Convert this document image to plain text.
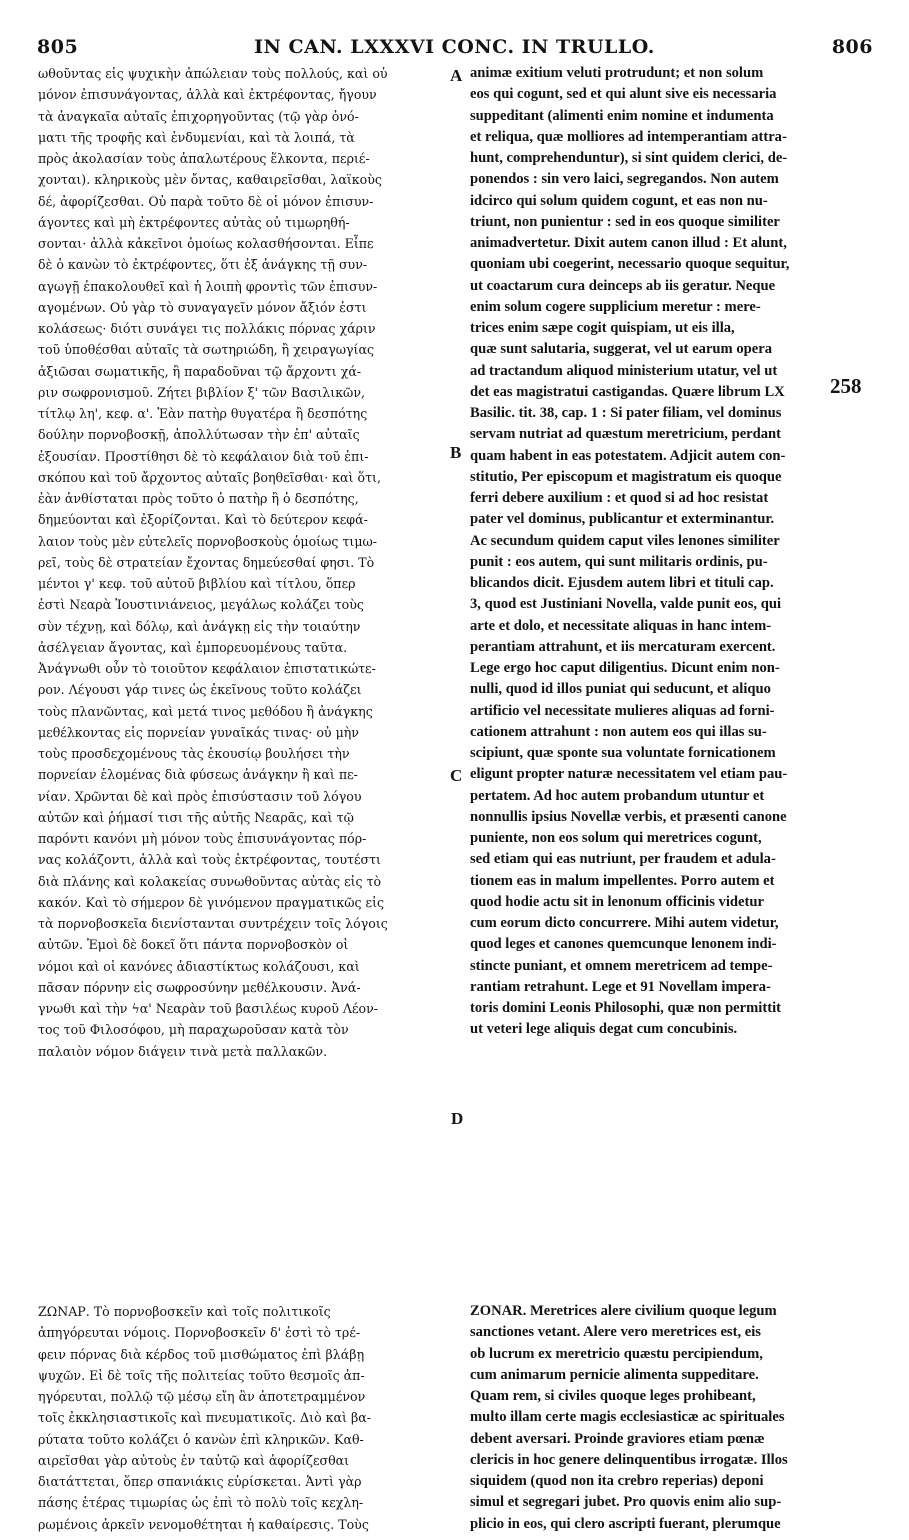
805	IN CAN. LXXXVI CONC. IN TRULLO.	806
ωθοῦντας εἰς ψυχικὴν ἀπώλειαν τοὺς πολλούς, καὶ οὐ
μόνον ἐπισυνάγοντας, ἀλλὰ καὶ ἐκτρέφοντας, ἤγουν
τὰ ἀναγκαῖα αὐταῖς ἐπιχορηγοῦντας (τῷ γὰρ ὀνό-
ματι τῆς τροφῆς καὶ ἐνδυμενίαι, καὶ τὰ λοιπά, τὰ
πρὸς ἀκολασίαν τοὺς ἁπαλωτέρους ἕλκοντα, περιέ-
χονται). κληρικοὺς μὲν ὄντας, καθαιρεῖσθαι, λαϊκοὺς
δέ, ἀφορίζεσθαι. Οὐ παρὰ τοῦτο δὲ οἱ μόνον ἐπισυν-
άγοντες καὶ μὴ ἐκτρέφοντες αὐτὰς οὐ τιμωρηθή-
σονται· ἀλλὰ κἀκεῖνοι ὁμοίως κολασθήσονται. Εἶπε
δὲ ὁ κανὼν τὸ ἐκτρέφοντες, ὅτι ἐξ ἀνάγκης τῇ συν-
αγωγῇ ἐπακολουθεῖ καὶ ἡ λοιπὴ φροντὶς τῶν ἐπισυν-
αγομένων. Οὐ γὰρ τὸ συναγαγεῖν μόνον ἄξιόν ἐστι
κολάσεως· διότι συνάγει τις πολλάκις πόρνας χάριν
τοῦ ὑποθέσθαι αὐταῖς τὰ σωτηριώδη, ἢ χειραγωγίας
ἀξιῶσαι σωματικῆς, ἢ παραδοῦναι τῷ ἄρχοντι χά-
ριν σωφρονισμοῦ. Ζήτει βιβλίον ξ' τῶν Βασιλικῶν,
τίτλῳ λη', κεφ. α'. Ἐὰν πατὴρ θυγατέρα ἢ δεσπότης
δούλην πορνοβοσκῇ, ἀπολλύτωσαν τὴν ἐπ' αὐταῖς
ἐξουσίαν. Προστίθησι δὲ τὸ κεφάλαιον διὰ τοῦ ἐπι-
σκόπου καὶ τοῦ ἄρχοντος αὐταῖς βοηθεῖσθαι· καὶ ὅτι,
ἐὰν ἀνθίσταται πρὸς τοῦτο ὁ πατὴρ ἢ ὁ δεσπότης,
δημεύονται καὶ ἐξορίζονται. Καὶ τὸ δεύτερον κεφά-
λαιον τοὺς μὲν εὐτελεῖς πορνοβοσκοὺς ὁμοίως τιμω-
ρεῖ, τοὺς δὲ στρατείαν ἔχοντας δημεύεσθαί φησι. Τὸ
μέντοι γ' κεφ. τοῦ αὐτοῦ βιβλίου καὶ τίτλου, ὅπερ
ἐστὶ Νεαρὰ Ἰουστινιάνειος, μεγάλως κολάζει τοὺς
σὺν τέχνῃ, καὶ δόλῳ, καὶ ἀνάγκῃ εἰς τὴν τοιαύτην
ἀσέλγειαν ἄγοντας, καὶ ἐμπορευομένους ταῦτα.
Ἀνάγνωθι οὖν τὸ τοιοῦτον κεφάλαιον ἐπιστατικώτε-
ρον. Λέγουσι γάρ τινες ὡς ἐκεῖνους τοῦτο κολάζει
τοὺς πλανῶντας, καὶ μετά τινος μεθόδου ἢ ἀνάγκης
μεθέλκοντας εἰς πορνείαν γυναῖκάς τινας· οὐ μὴν
τοὺς προσδεχομένους τὰς ἑκουσίῳ βουλήσει τὴν
πορνείαν ἑλομένας διὰ φύσεως ἀνάγκην ἢ καὶ πε-
νίαν. Χρῶνται δὲ καὶ πρὸς ἐπισύστασιν τοῦ λόγου
αὐτῶν καὶ ῥήμασί τισι τῆς αὐτῆς Νεαρᾶς, καὶ τῷ
παρόντι κανόνι μὴ μόνον τοὺς ἐπισυνάγοντας πόρ-
νας κολάζοντι, ἀλλὰ καὶ τοὺς ἐκτρέφοντας, τουτέστι
διὰ πλάνης καὶ κολακείας συνωθοῦντας αὐτὰς εἰς τὸ
κακόν. Καὶ τὸ σήμερον δὲ γινόμενον πραγματικῶς εἰς
τὰ πορνοβοσκεῖα διενίστανται συντρέχειν τοῖς λόγοις
αὐτῶν. Ἐμοὶ δὲ δοκεῖ ὅτι πάντα πορνοβοσκὸν οἱ
νόμοι καὶ οἱ κανόνες ἀδιαστίκτως κολάζουσι, καὶ
πᾶσαν πόρνην εἰς σωφροσύνην μεθέλκουσιν. Ἀνά-
γνωθι καὶ τὴν ϟα' Νεαρὰν τοῦ βασιλέως κυροῦ Λέον-
τος τοῦ Φιλοσόφου, μὴ παραχωροῦσαν κατὰ τὸν
παλαιὸν νόμον διάγειν τινὰ μετὰ παλλακῶν.
animæ exitium veluti protrudunt; et non solum
eos qui cogunt, sed et qui alunt sive eis necessaria
suppeditant (alimenti enim nomine et indumenta
et reliqua, quæ molliores ad intemperantiam attra-
hunt, comprehenduntur), si sint quidem clerici, de-
ponendos : sin vero laici, segregandos. Non autem
idcirco qui solum quidem cogunt, et eas non nu-
triunt, non punientur : sed in eos quoque similiter
animadvertetur. Dixit autem canon illud : Et alunt,
quoniam ubi coegerint, necessario quoque sequitur,
ut coactarum cura deinceps ab iis geratur. Neque
enim solum cogere supplicium meretur : mere-
trices enim sæpe cogit quispiam, ut eis illa,
quæ sunt salutaria, suggerat, vel ut earum opera
ad tractandum aliquod ministerium utatur, vel ut
det eas magistratui castigandas. Quære librum LX
Basilic. tit. 38, cap. 1 : Si pater filiam, vel dominus
servam nutriat ad quæstum meretricium, perdant
quam habent in eas potestatem. Adjicit autem con-
stitutio, Per episcopum et magistratum eis quoque
ferri debere auxilium : et quod si ad hoc resistat
pater vel dominus, publicantur et exterminantur.
Ac secundum quidem caput viles lenones similiter
punit : eos autem, qui sunt militaris ordinis, pu-
blicandos dicit. Ejusdem autem libri et tituli cap.
3, quod est Justiniani Novella, valde punit eos, qui
arte et dolo, et necessitate aliquas in hanc intem-
perantiam attrahunt, et iis mercaturam exercent.
Lege ergo hoc caput diligentius. Dicunt enim non-
nulli, quod id illos puniat qui seducunt, et aliquo
artificio vel necessitate mulieres aliquas ad forni-
cationem attrahunt : non autem eos qui illas su-
scipiunt, quæ sponte sua voluntate fornicationem
eligunt propter naturæ necessitatem vel etiam pau-
pertatem. Ad hoc autem probandum utuntur et
nonnullis ipsius Novellæ verbis, et præsenti canone
puniente, non eos solum qui meretrices cogunt,
sed etiam qui eas nutriunt, per fraudem et adula-
tionem eas in malum impellentes. Porro autem et
quod hodie actu sit in lenonum officinis videtur
cum eorum dicto concurrere. Mihi autem videtur,
quod leges et canones quemcunque lenonem indi-
stincte puniant, et omnem meretricem ad tempe-
rantiam retrahunt. Lege et 91 Novellam impera-
toris domini Leonis Philosophi, quæ non permittit
ut veteri lege aliquis degat cum concubinis.
A
B
C
D
258
ΖΩΝΑΡ. Τὸ πορνοβοσκεῖν καὶ τοῖς πολιτικοῖς
ἀπηγόρευται νόμοις. Πορνοβοσκεῖν δ' ἐστὶ τὸ τρέ-
φειν πόρνας διὰ κέρδος τοῦ μισθώματος ἐπὶ βλάβῃ
ψυχῶν. Εἰ δὲ τοῖς τῆς πολιτείας τοῦτο θεσμοῖς ἀπ-
ηγόρευται, πολλῷ τῷ μέσῳ εἴη ἂν ἀποτετραμμένον
τοῖς ἐκκλησιαστικοῖς καὶ πνευματικοῖς. Διὸ καὶ βα-
ρύτατα τοῦτο κολάζει ὁ κανὼν ἐπὶ κληρικῶν. Καθ-
αιρεῖσθαι γὰρ αὐτοὺς ἐν ταὐτῷ καὶ ἀφορίζεσθαι
διατάττεται, ὅπερ σπανιάκις εὑρίσκεται. Ἀντὶ γὰρ
πάσης ἑτέρας τιμωρίας ὡς ἐπὶ τὸ πολὺ τοῖς κεχλη-
ρωμένοις ἀρκεῖν νενομοθέτηται ἡ καθαίρεσις. Τοὺς
ZONAR. Meretrices alere civilium quoque legum
sanctiones vetant. Alere vero meretrices est, eis
ob lucrum ex meretricio quæstu percipiendum,
cum animarum pernicie alimenta suppeditare.
Quam rem, si civiles quoque leges prohibeant,
multo illam certe magis ecclesiasticæ ac spirituales
debent aversari. Proinde graviores etiam pœnæ
clericis in hoc genere delinquentibus irrogatæ. Illos
siquidem (quod non ita crebro reperias) deponi
simul et segregari jubet. Pro quovis enim alio sup-
plicio in eos, qui clero ascripti fuerant, plerumque
